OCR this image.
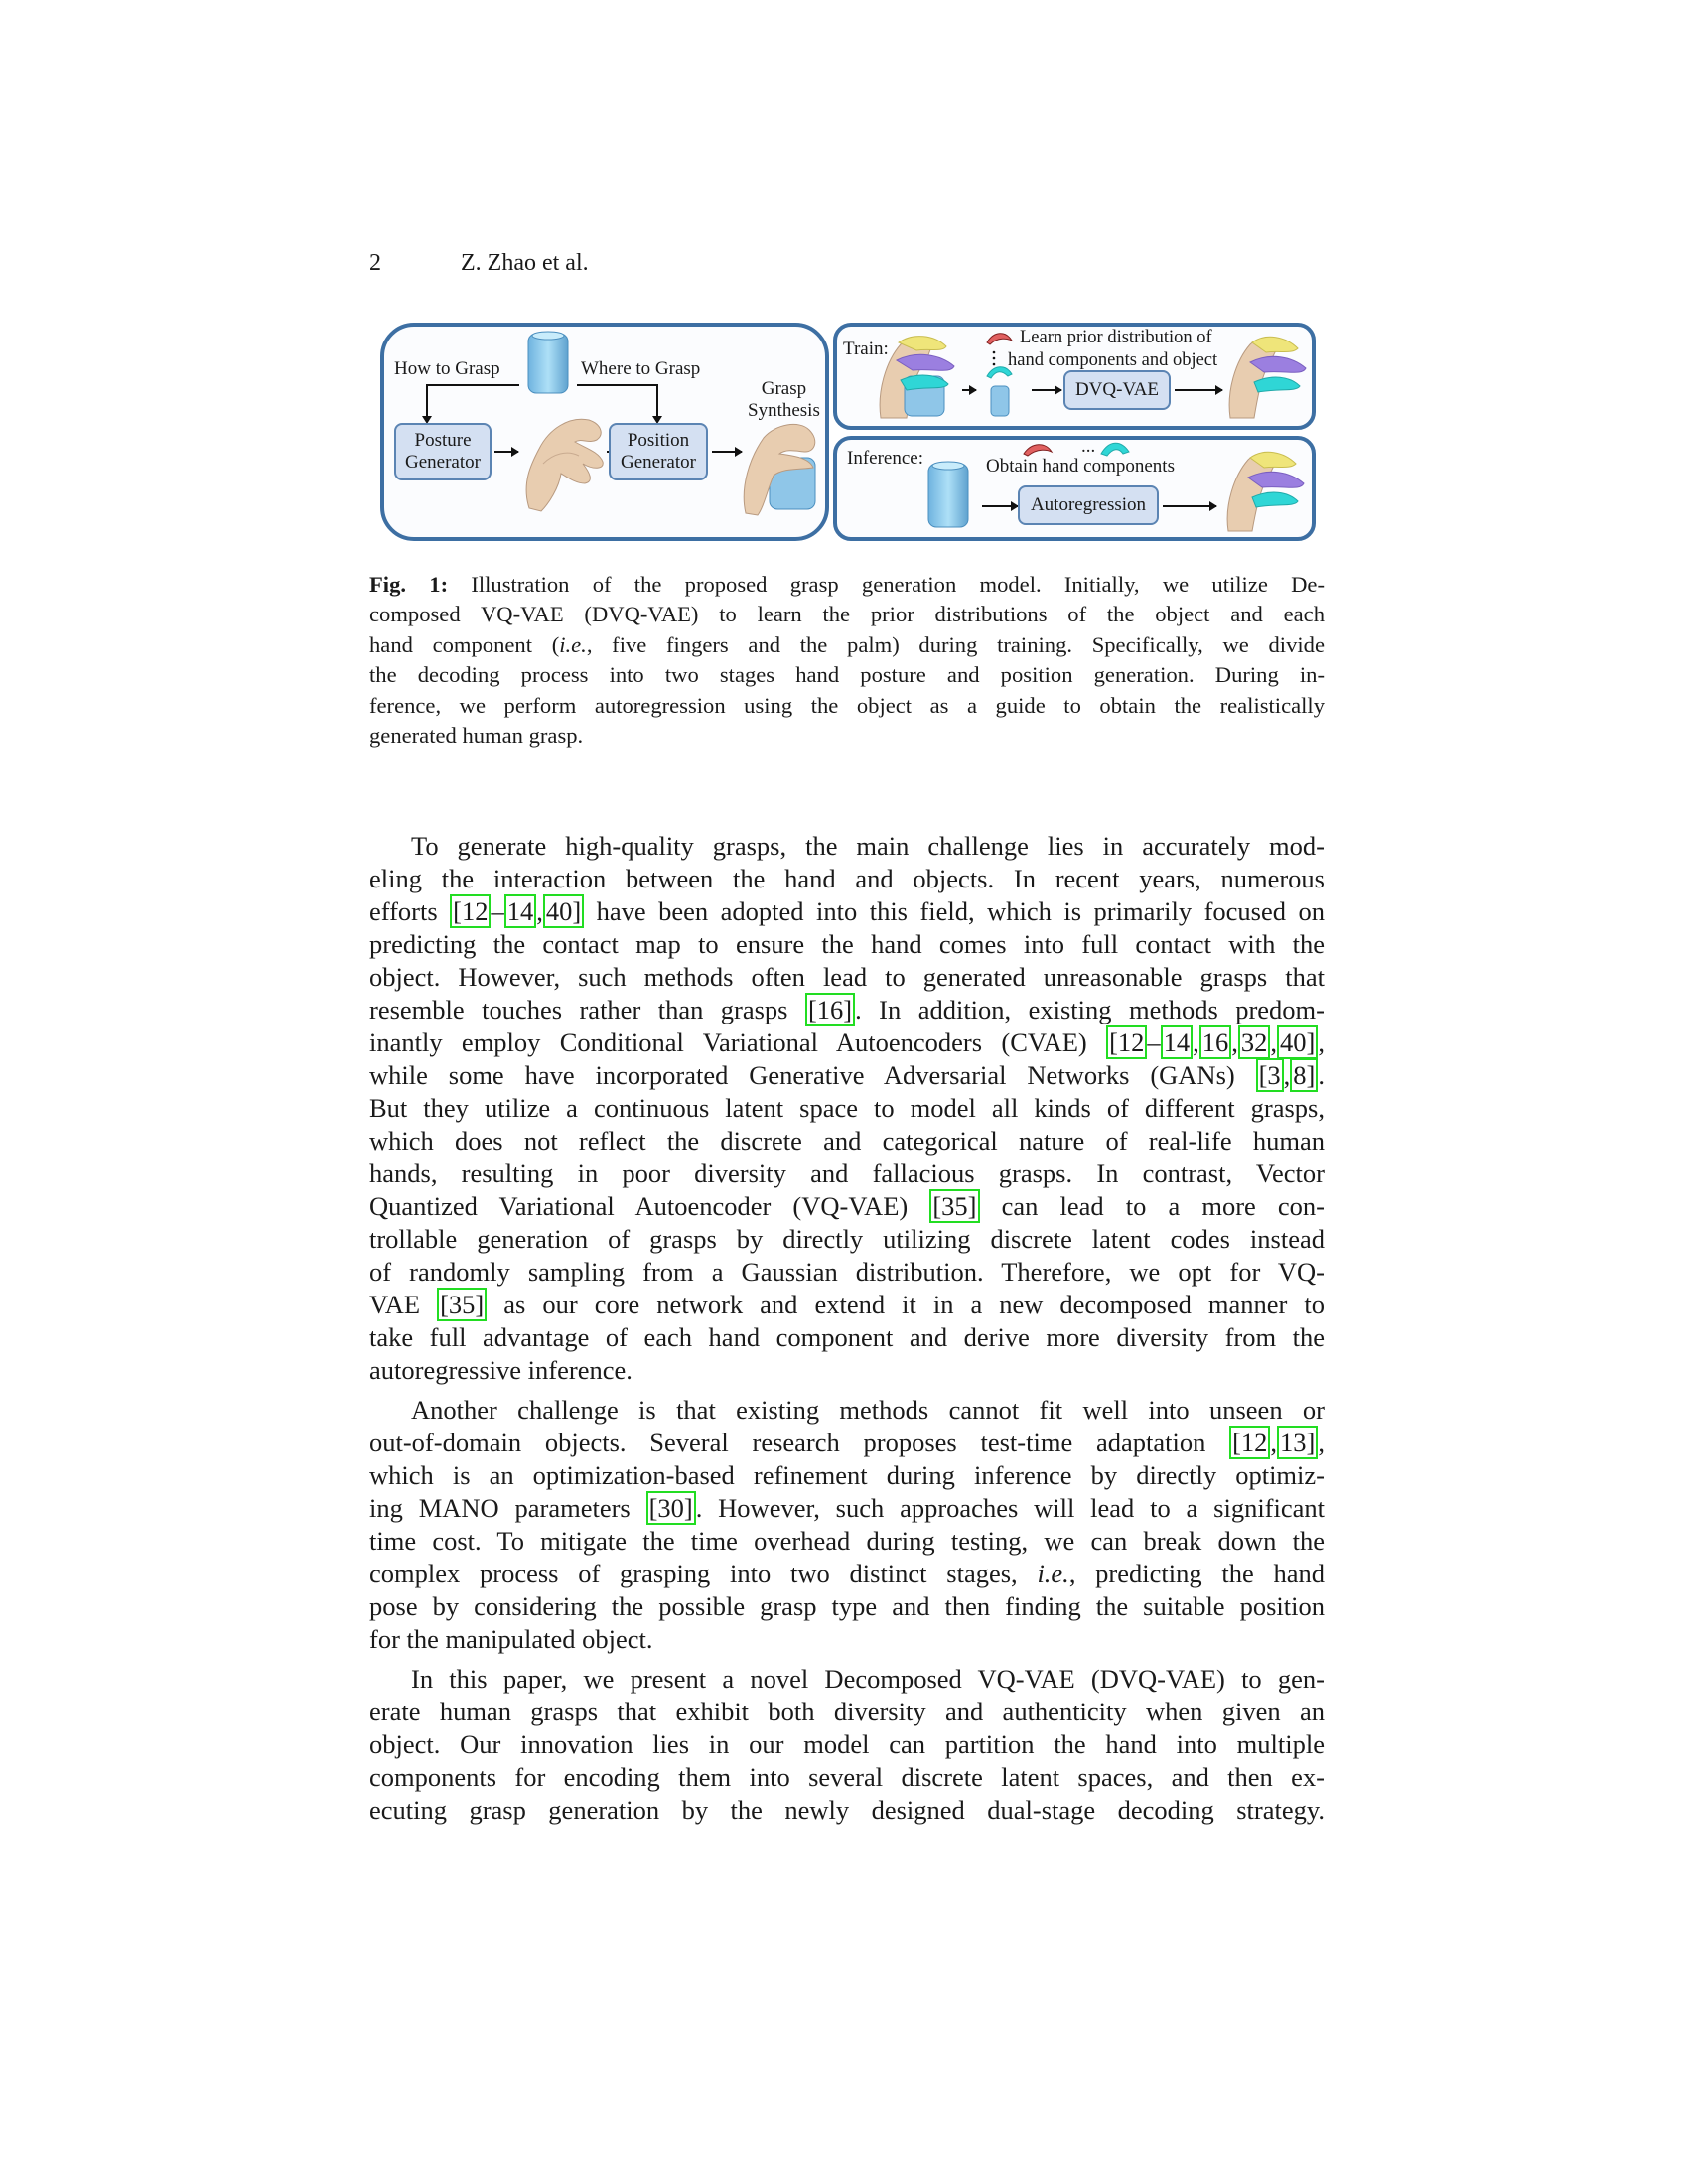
2	Z. Zhao et al.
How to Grasp	Where to Grasp
Grasp
Synthesis
Posture
Generator
Position
Generator
Train:
Learn prior distribution of
hand components and object
DVQ-VAE
Inference:
...
Obtain hand components
Autoregression
Fig. 1: Illustration of the proposed grasp generation model. Initially, we utilize De-
composed VQ-VAE (DVQ-VAE) to learn the prior distributions of the object and each
hand component (i.e., five fingers and the palm) during training. Specifically, we divide
the decoding process into two stages hand posture and position generation. During in-
ference, we perform autoregression using the object as a guide to obtain the realistically
generated human grasp.
To generate high-quality grasps, the main challenge lies in accurately mod-
eling the interaction between the hand and objects. In recent years, numerous
efforts [12 – 14 , 40] have been adopted into this field, which is primarily focused on
predicting the contact map to ensure the hand comes into full contact with the
object. However, such methods often lead to generated unreasonable grasps that
resemble touches rather than grasps [16] . In addition, existing methods predom-
inantly employ Conditional Variational Autoencoders (CVAE) [12 – 14 , 16 , 32 , 40] ,
while some have incorporated Generative Adversarial Networks (GANs) [3 , 8] .
But they utilize a continuous latent space to model all kinds of different grasps,
which does not reflect the discrete and categorical nature of real-life human
hands, resulting in poor diversity and fallacious grasps. In contrast, Vector
Quantized Variational Autoencoder (VQ-VAE) [35] can lead to a more con-
trollable generation of grasps by directly utilizing discrete latent codes instead
of randomly sampling from a Gaussian distribution. Therefore, we opt for VQ-
VAE [35] as our core network and extend it in a new decomposed manner to
take full advantage of each hand component and derive more diversity from the
autoregressive inference.
Another challenge is that existing methods cannot fit well into unseen or
out-of-domain objects. Several research proposes test-time adaptation [12 , 13] ,
which is an optimization-based refinement during inference by directly optimiz-
ing MANO parameters [30] . However, such approaches will lead to a significant
time cost. To mitigate the time overhead during testing, we can break down the
complex process of grasping into two distinct stages, i.e., predicting the hand
pose by considering the possible grasp type and then finding the suitable position
for the manipulated object.
In this paper, we present a novel Decomposed VQ-VAE (DVQ-VAE) to gen-
erate human grasps that exhibit both diversity and authenticity when given an
object. Our innovation lies in our model can partition the hand into multiple
components for encoding them into several discrete latent spaces, and then ex-
ecuting grasp generation by the newly designed dual-stage decoding strategy.
